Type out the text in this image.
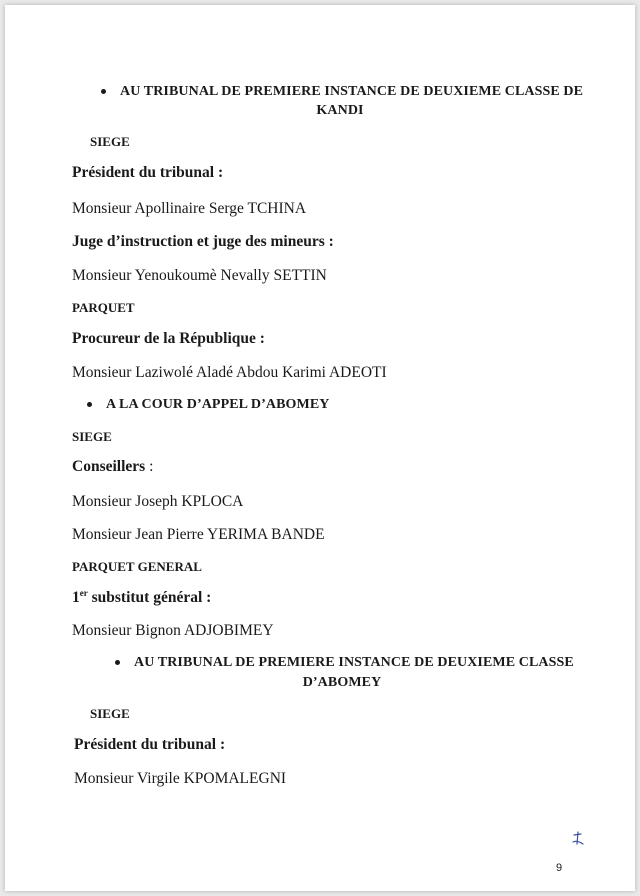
AU TRIBUNAL DE PREMIERE INSTANCE DE DEUXIEME CLASSE DE
KANDI
SIEGE
Président du tribunal :
Monsieur Apollinaire Serge TCHINA
Juge d’instruction et juge des mineurs :
Monsieur Yenoukoumè Nevally SETTIN
PARQUET
Procureur de la République :
Monsieur Laziwolé Aladé Abdou Karimi ADEOTI
A LA COUR D’APPEL D’ABOMEY
SIEGE
Conseillers :
Monsieur Joseph KPLOCA
Monsieur Jean Pierre YERIMA BANDE
PARQUET GENERAL
1er substitut général :
Monsieur Bignon ADJOBIMEY
AU TRIBUNAL DE PREMIERE INSTANCE DE DEUXIEME CLASSE
D’ABOMEY
SIEGE
Président du tribunal :
Monsieur Virgile KPOMALEGNI
9
